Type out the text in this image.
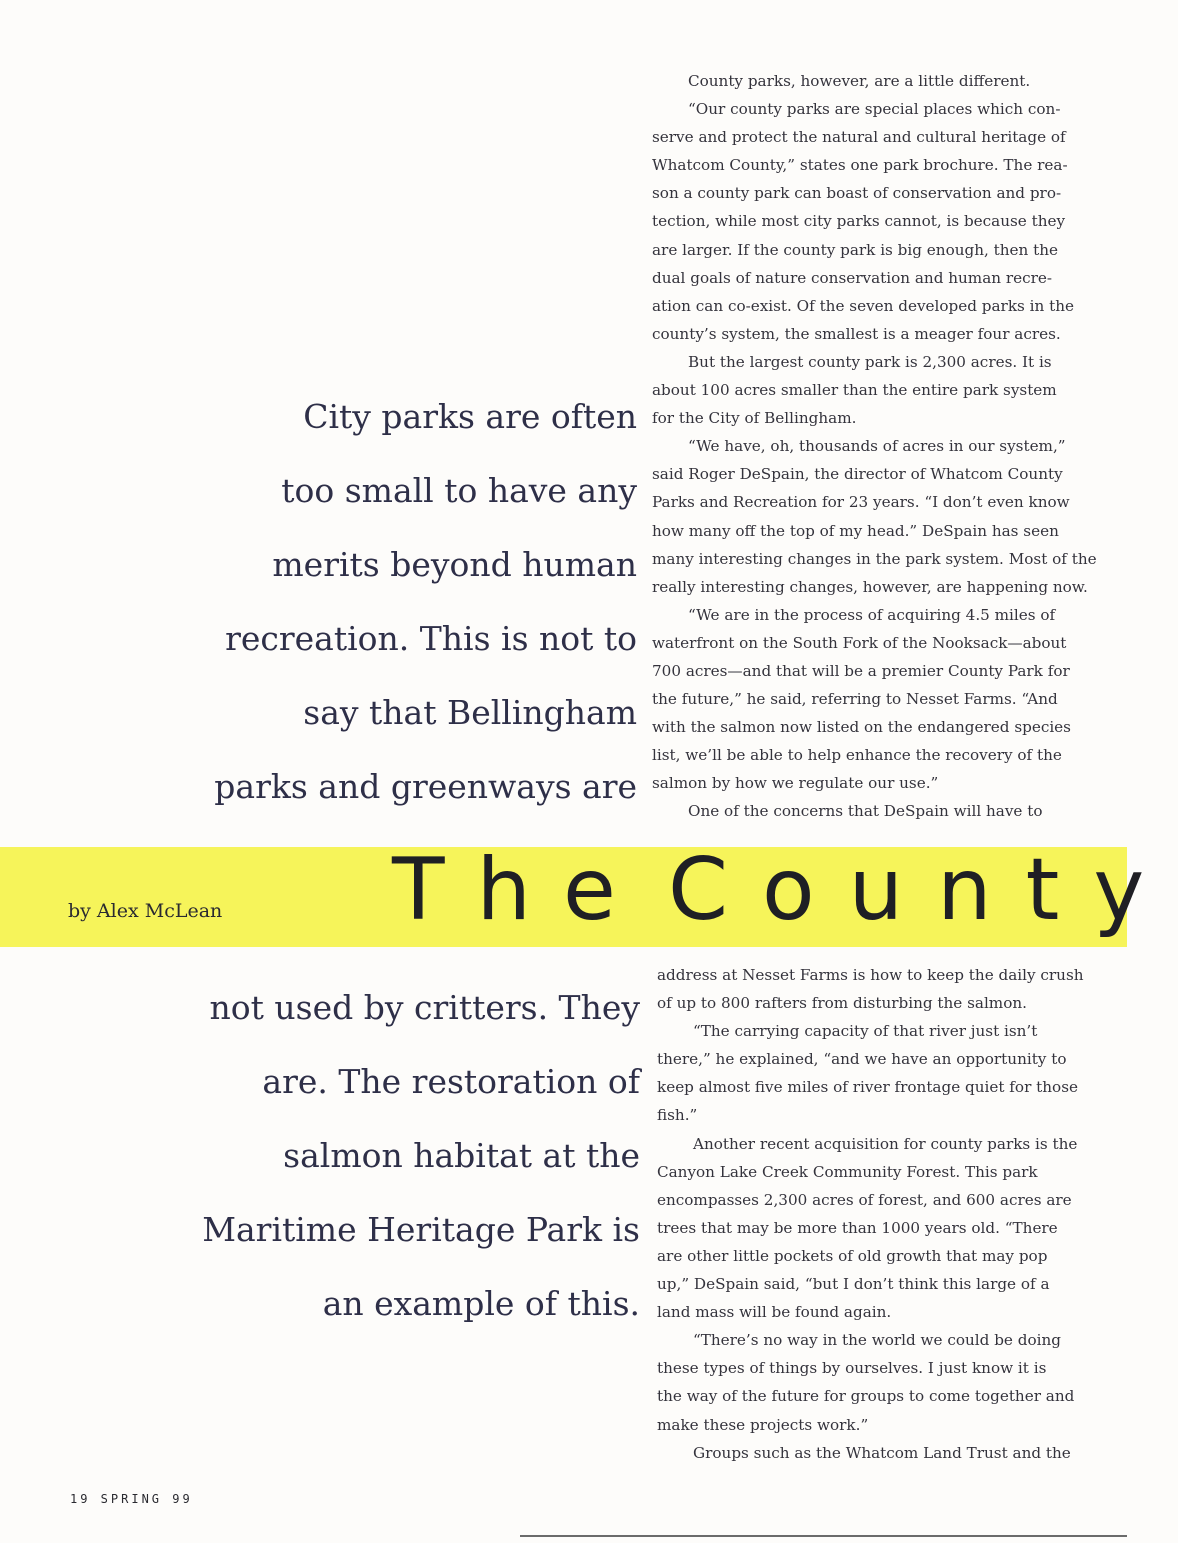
City parks are often
too small to have any
merits beyond human
recreation. This is not to
say that Bellingham
parks and greenways are
County parks, however, are a little different.
“Our county parks are special places which con-
serve and protect the natural and cultural heritage of
Whatcom County,” states one park brochure. The rea-
son a county park can boast of conservation and pro-
tection, while most city parks cannot, is because they
are larger. If the county park is big enough, then the
dual goals of nature conservation and human recre-
ation can co-exist. Of the seven developed parks in the
county’s system, the smallest is a meager four acres.
But the largest county park is 2,300 acres. It is
about 100 acres smaller than the entire park system
for the City of Bellingham.
“We have, oh, thousands of acres in our system,”
said Roger DeSpain, the director of Whatcom County
Parks and Recreation for 23 years. “I don’t even know
how many off the top of my head.” DeSpain has seen
many interesting changes in the park system. Most of the
really interesting changes, however, are happening now.
“We are in the process of acquiring 4.5 miles of
waterfront on the South Fork of the Nooksack—about
700 acres—and that will be a premier County Park for
the future,” he said, referring to Nesset Farms. “And
with the salmon now listed on the endangered species
list, we’ll be able to help enhance the recovery of the
salmon by how we regulate our use.”
One of the concerns that DeSpain will have to
by Alex McLean The County
not used by critters. They
are. The restoration of
salmon habitat at the
Maritime Heritage Park is
an example of this.
address at Nesset Farms is how to keep the daily crush
of up to 800 rafters from disturbing the salmon.
“The carrying capacity of that river just isn’t
there,” he explained, “and we have an opportunity to
keep almost five miles of river frontage quiet for those
fish.”
Another recent acquisition for county parks is the
Canyon Lake Creek Community Forest. This park
encompasses 2,300 acres of forest, and 600 acres are
trees that may be more than 1000 years old. “There
are other little pockets of old growth that may pop
up,” DeSpain said, “but I don’t think this large of a
land mass will be found again.
“There’s no way in the world we could be doing
these types of things by ourselves. I just know it is
the way of the future for groups to come together and
make these projects work.”
Groups such as the Whatcom Land Trust and the
19 SPRING 99
